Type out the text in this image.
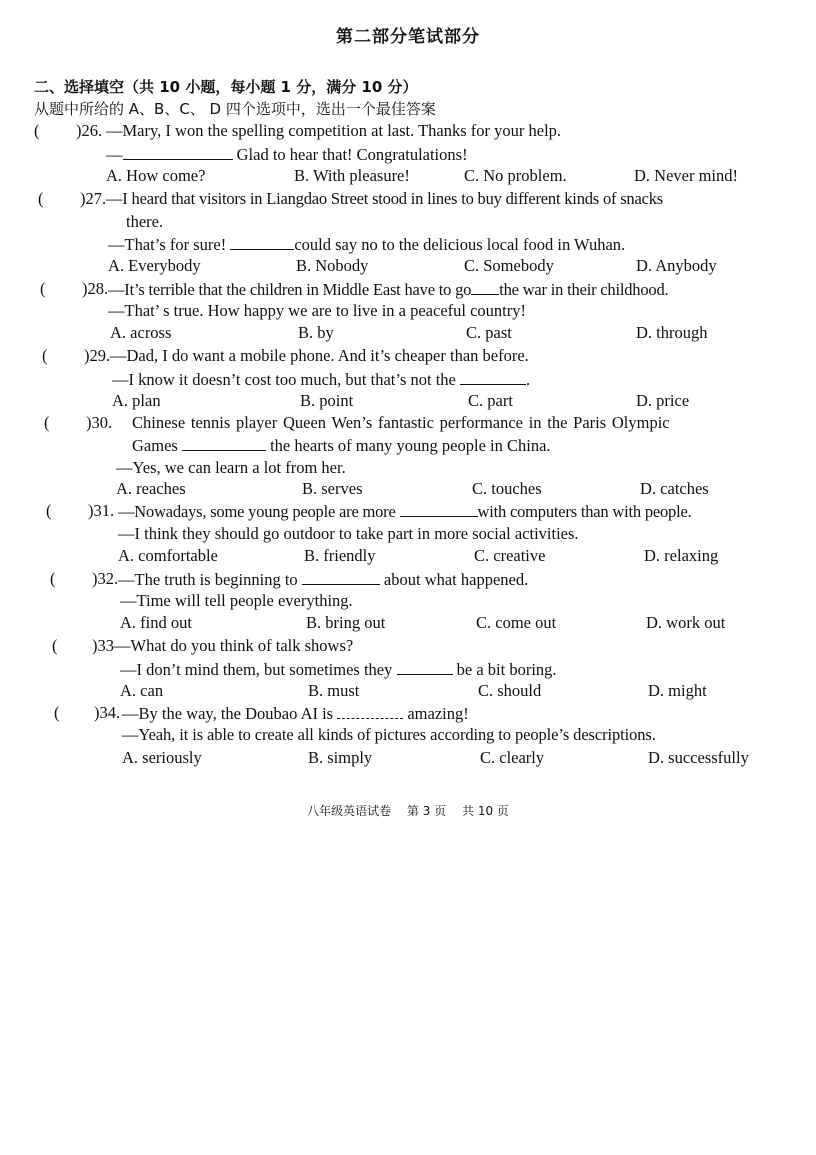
第二部分笔试部分
二、选择填空（共 10 小题，每小题 1 分，满分 10 分）
从题中所给的 A、B、C、 D 四个选项中，选出一个最佳答案
( )26. —Mary, I won the spelling competition at last. Thanks for your help.
—	Glad to hear that! Congratulations!
A. How come?	B. With pleasure!	C. No problem.	D. Never mind!
( )27. —I heard that visitors in Liangdao Street stood in lines to buy different kinds of snacks
there.
—That’s for sure!	could say no to the delicious local food in Wuhan.
A. Everybody	B. Nobody	C. Somebody	D. Anybody
( )28. —It’s terrible that the children in Middle East have to go the war in their childhood.
—That’ s true. How happy we are to live in a peaceful country!
A. across	B. by	C. past	D. through
( )29. —Dad, I do want a mobile phone. And it’s cheaper than before.
—I know it doesn’t cost too much, but that’s not the	.
A. plan	B. point	C. part	D. price
( )30. Chinese tennis player Queen Wen’s fantastic performance in the Paris Olympic
Games	the hearts of many young people in China.
—Yes, we can learn a lot from her.
A. reaches	B. serves	C. touches	D. catches
( )31. —Nowadays, some young people are more	with computers than with people.
—I think they should go outdoor to take part in more social activities.
A. comfortable	B. friendly	C. creative	D. relaxing
( )32. —The truth is beginning to	about what happened.
—Time will tell people everything.
A. find out	B. bring out	C. come out	D. work out
( )33 —What do you think of talk shows?
—I don’t mind them, but sometimes they	be a bit boring.
A. can	B. must	C. should	D. might
( )34. —By the way, the Doubao AI is	amazing!
—Yeah, it is able to create all kinds of pictures according to people’s descriptions.
A. seriously	B. simply	C. clearly	D. successfully
八年级英语试卷 第 3 页 共 10 页
